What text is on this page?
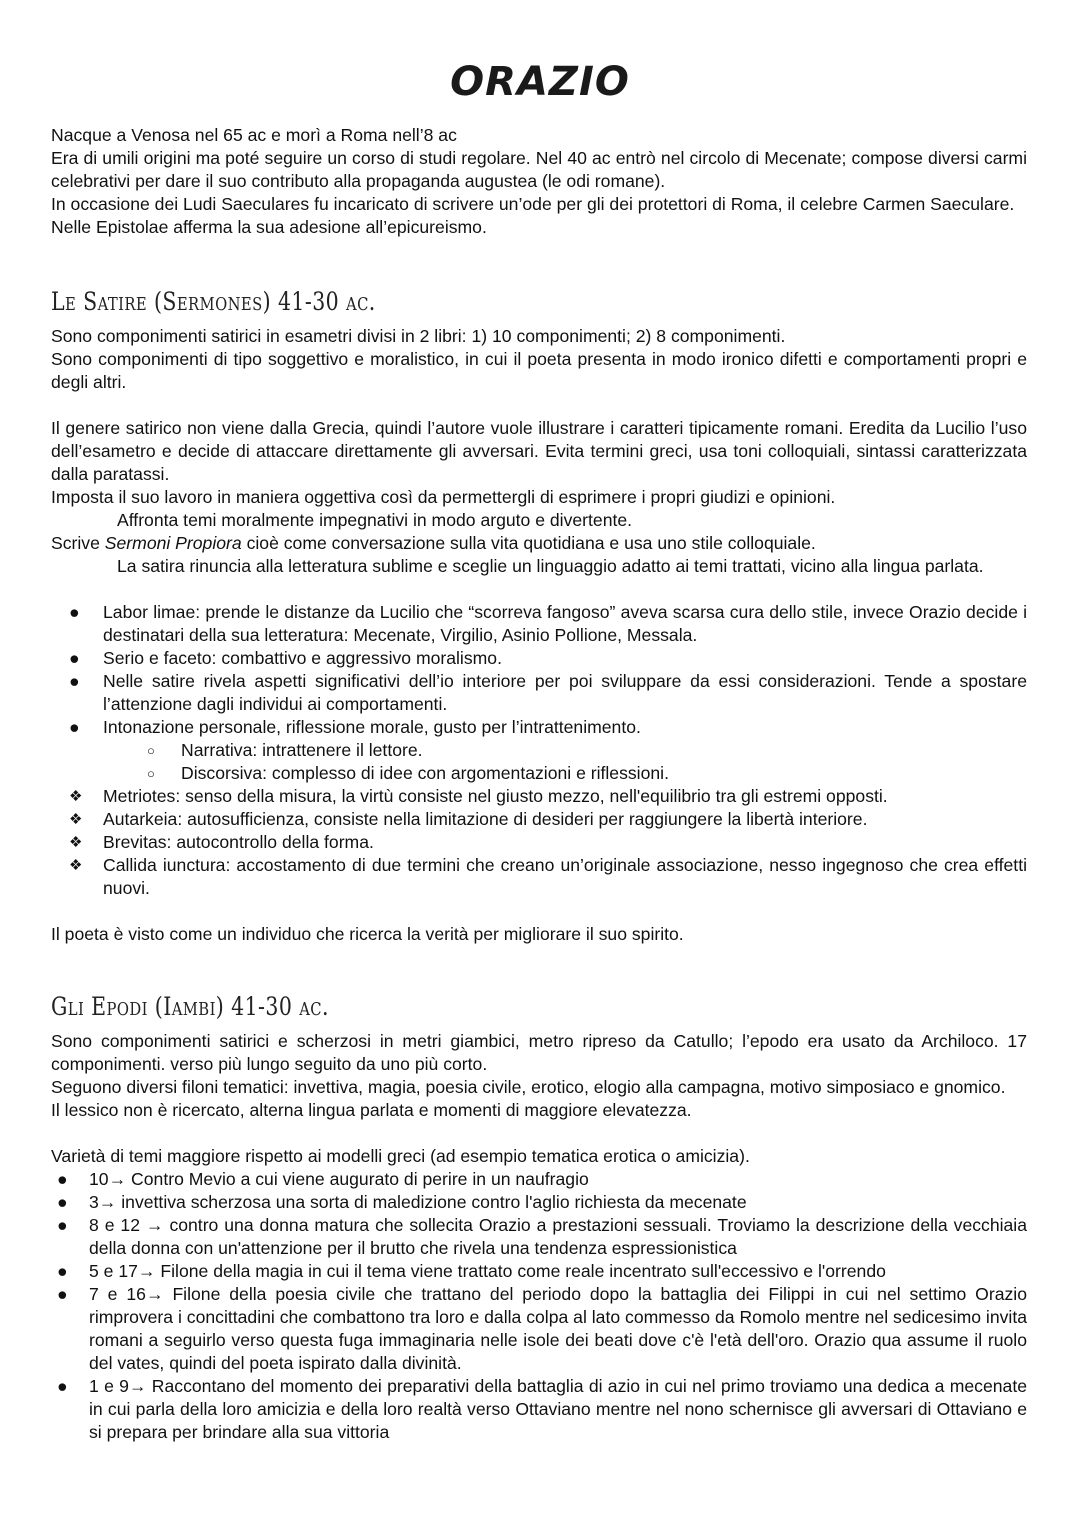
ORAZIO

Nacque a Venosa nel 65 ac e morì a Roma nell’8 ac

Era di umili origini ma poté seguire un corso di studi regolare. Nel 40 ac entrò nel circolo di Mecenate; compose diversi carmi celebrativi per dare il suo contributo alla propaganda augustea (le odi romane).

In occasione dei Ludi Saeculares fu incaricato di scrivere un’ode per gli dei protettori di Roma, il celebre Carmen Saeculare.

Nelle Epistolae afferma la sua adesione all’epicureismo.

Le Satire (Sermones) 41-30 ac.

Sono componimenti satirici in esametri divisi in 2 libri: 1) 10 componimenti; 2) 8 componimenti.

Sono componimenti di tipo soggettivo e moralistico, in cui il poeta presenta in modo ironico difetti e comportamenti propri e degli altri.

Il genere satirico non viene dalla Grecia, quindi l’autore vuole illustrare i caratteri tipicamente romani. Eredita da Lucilio l’uso dell’esametro e decide di attaccare direttamente gli avversari. Evita termini greci, usa toni colloquiali, sintassi caratterizzata dalla paratassi.

Imposta il suo lavoro in maniera oggettiva così da permettergli di esprimere i propri giudizi e opinioni.

Affronta temi moralmente impegnativi in modo arguto e divertente.

Scrive Sermoni Propiora cioè come conversazione sulla vita quotidiana e usa uno stile colloquiale.

La satira rinuncia alla letteratura sublime e sceglie un linguaggio adatto ai temi trattati, vicino alla lingua parlata.

● Labor limae: prende le distanze da Lucilio che “scorreva fangoso” aveva scarsa cura dello stile, invece Orazio decide i destinatari della sua letteratura: Mecenate, Virgilio, Asinio Pollione, Messala.
● Serio e faceto: combattivo e aggressivo moralismo.
● Nelle satire rivela aspetti significativi dell’io interiore per poi sviluppare da essi considerazioni. Tende a spostare l’attenzione dagli individui ai comportamenti.
● Intonazione personale, riflessione morale, gusto per l’intrattenimento.
○ Narrativa: intrattenere il lettore.
○ Discorsiva: complesso di idee con argomentazioni e riflessioni.
❖ Metriotes: senso della misura, la virtù consiste nel giusto mezzo, nell'equilibrio tra gli estremi opposti.
❖ Autarkeia: autosufficienza, consiste nella limitazione di desideri per raggiungere la libertà interiore.
❖ Brevitas: autocontrollo della forma.
❖ Callida iunctura: accostamento di due termini che creano un’originale associazione, nesso ingegnoso che crea effetti nuovi.

Il poeta è visto come un individuo che ricerca la verità per migliorare il suo spirito.

Gli Epodi (Iambi) 41-30 ac.

Sono componimenti satirici e scherzosi in metri giambici, metro ripreso da Catullo; l’epodo era usato da Archiloco. 17 componimenti. verso più lungo seguito da uno più corto.

Seguono diversi filoni tematici: invettiva, magia, poesia civile, erotico, elogio alla campagna, motivo simposiaco e gnomico.

Il lessico non è ricercato, alterna lingua parlata e momenti di maggiore elevatezza.

Varietà di temi maggiore rispetto ai modelli greci (ad esempio tematica erotica o amicizia).

● 10→ Contro Mevio a cui viene augurato di perire in un naufragio
● 3→ invettiva scherzosa una sorta di maledizione contro l'aglio richiesta da mecenate
● 8 e 12 → contro una donna matura che sollecita Orazio a prestazioni sessuali. Troviamo la descrizione della vecchiaia della donna con un'attenzione per il brutto che rivela una tendenza espressionistica
● 5 e 17→ Filone della magia in cui il tema viene trattato come reale incentrato sull'eccessivo e l'orrendo
● 7 e 16→ Filone della poesia civile che trattano del periodo dopo la battaglia dei Filippi in cui nel settimo Orazio rimprovera i concittadini che combattono tra loro e dalla colpa al lato commesso da Romolo mentre nel sedicesimo invita romani a seguirlo verso questa fuga immaginaria nelle isole dei beati dove c'è l'età dell'oro. Orazio qua assume il ruolo del vates, quindi del poeta ispirato dalla divinità.
● 1 e 9→ Raccontano del momento dei preparativi della battaglia di azio in cui nel primo troviamo una dedica a mecenate in cui parla della loro amicizia e della loro realtà verso Ottaviano mentre nel nono schernisce gli avversari di Ottaviano e si prepara per brindare alla sua vittoria
